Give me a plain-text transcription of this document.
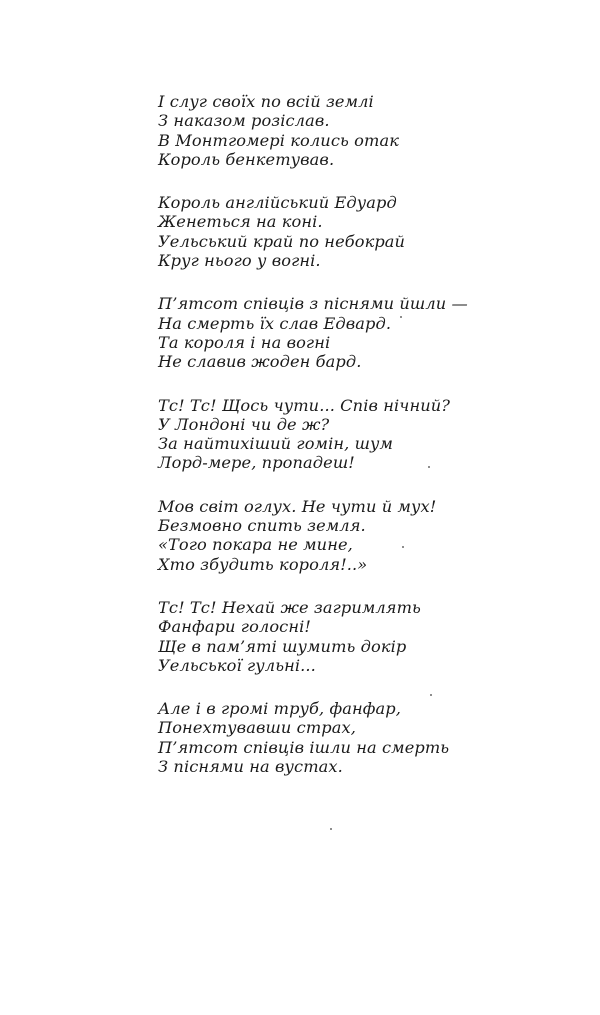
І слуг своїх по всій землі
З наказом розіслав.
В Монтгомері колись отак
Король бенкетував.
Король англійський Едуард
Женеться на коні.
Уельський край по небокрай
Круг нього у вогні.
П’ятсот співців з піснями йшли —
На смерть їх слав Едвард.
Та короля і на вогні
Не славив жоден бард.
Тс! Тс! Щось чути... Спів нічний?
У Лондоні чи де ж?
За найтихіший гомін, шум
Лорд-мере, пропадеш!
Мов світ оглух. Не чути й мух!
Безмовно спить земля.
«Того покара не мине,
Хто збудить короля!..»
Тс! Тс! Нехай же загримлять
Фанфари голосні!
Ще в пам’яті шумить докір
Уельської гульні...
Але і в громі труб, фанфар,
Понехтувавши страх,
П’ятсот співців ішли на смерть
З піснями на вустах.
